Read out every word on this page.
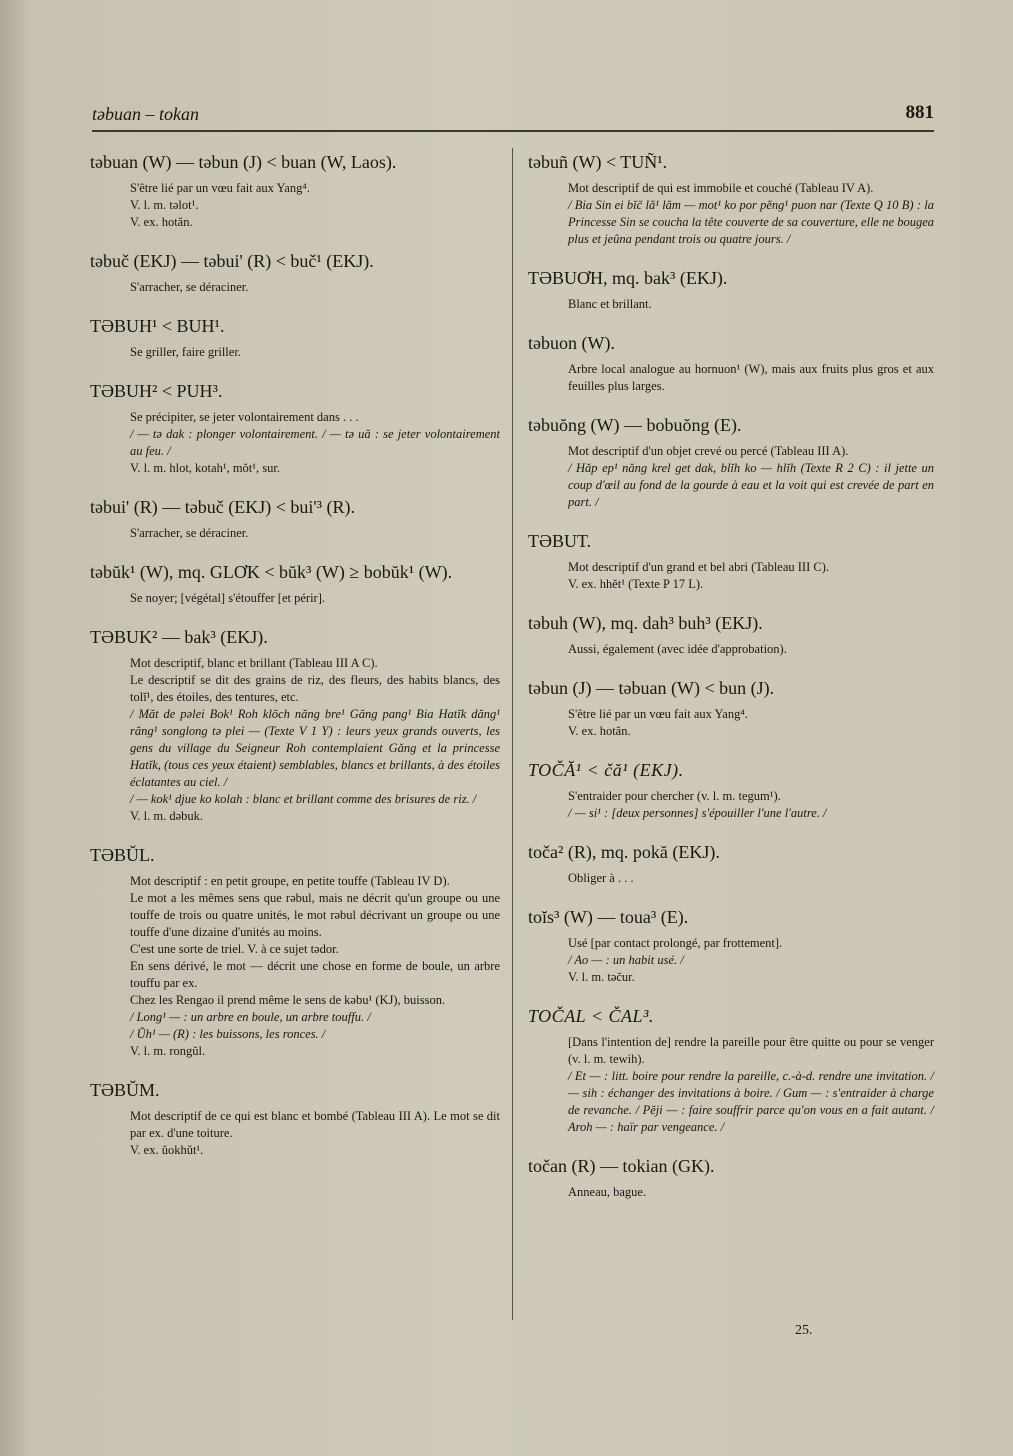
təbuan – tokan	881
təbuan (W) — təbun (J) < buan (W, Laos).

S'être lié par un vœu fait aux Yang⁴.

V. l. m. təlot¹.

V. ex. hotăn.

təbuč (EKJ) — təbui' (R) < buč¹ (EKJ).

S'arracher, se déraciner.

TƏBUH¹ < BUH¹.

Se griller, faire griller.

TƏBUH² < PUH³.

Se précipiter, se jeter volontairement dans . . .

/ — tə dak : plonger volontairement. / — tə uă : se jeter volontairement au feu. /

V. l. m. hlot, kotah¹, mŏt¹, sur.

təbui' (R) — təbuč (EKJ) < bui'³ (R).

S'arracher, se déraciner.

təbŭk¹ (W), mq. GLƠK < bŭk³ (W) ≥ bobŭk¹ (W).

Se noyer; [végétal] s'étouffer [et périr].

TƏBUK² — bak³ (EKJ).

Mot descriptif, blanc et brillant (Tableau III A C).

Le descriptif se dit des grains de riz, des fleurs, des habits blancs, des tolĭ¹, des étoiles, des tentures, etc.

/ Măt de pəlei Bok¹ Roh klŏch năng bre¹ Găng pang¹ Bia Hatĭk dăng¹ răng¹ songlong tə plei — (Texte V 1 Y) : leurs yeux grands ouverts, les gens du village du Seigneur Roh contemplaient Găng et la princesse Hatĭk, (tous ces yeux étaient) semblables, blancs et brillants, à des étoiles éclatantes au ciel. /

/ — kok¹ djue ko kolah : blanc et brillant comme des brisures de riz. /

V. l. m. dəbuk.

TƏBŬL.

Mot descriptif : en petit groupe, en petite touffe (Tableau IV D).

Le mot a les mêmes sens que rəbul, mais ne décrit qu'un groupe ou une touffe de trois ou quatre unités, le mot rəbul décrivant un groupe ou une touffe d'une dizaine d'unités au moins.

C'est une sorte de triel. V. à ce sujet tədor.

En sens dérivé, le mot — décrit une chose en forme de boule, un arbre touffu par ex.

Chez les Rengao il prend même le sens de kəbu¹ (KJ), buisson.

/ Long¹ — : un arbre en boule, un arbre touffu. /

/ Ŭh¹ — (R) : les buissons, les ronces. /

V. l. m. rongŭl.

TƏBŬM.

Mot descriptif de ce qui est blanc et bombé (Tableau III A). Le mot se dit par ex. d'une toiture.

V. ex. ŭokhŭt¹.

təbuñ (W) < TUÑ¹.

Mot descriptif de qui est immobile et couché (Tableau IV A).

/ Bia Sin ei bĭč lă¹ lăm — mot¹ ko por pĕng¹ puon nar (Texte Q 10 B) : la Princesse Sin se coucha la tête couverte de sa couverture, elle ne bougea plus et jeûna pendant trois ou quatre jours. /

TƏBUƠH, mq. bak³ (EKJ).

Blanc et brillant.

təbuon (W).

Arbre local analogue au hornuon¹ (W), mais aux fruits plus gros et aux feuilles plus larges.

təbuŏng (W) — bobuŏng (E).

Mot descriptif d'un objet crevé ou percé (Tableau III A).

/ Hăp ep¹ năng krel get dak, blĭh ko — hlĭh (Texte R 2 C) : il jette un coup d'œil au fond de la gourde à eau et la voit qui est crevée de part en part. /

TƏBUT.

Mot descriptif d'un grand et bel abri (Tableau III C).

V. ex. hhĕt¹ (Texte P 17 L).

təbuh (W), mq. dah³ buh³ (EKJ).

Aussi, également (avec idée d'approbation).

təbun (J) — təbuan (W) < bun (J).

S'être lié par un vœu fait aux Yang⁴.

V. ex. hotăn.

TOČĂ¹ < čă¹ (EKJ).

S'entraider pour chercher (v. l. m. tegum¹).

/ — si¹ : [deux personnes] s'épouiller l'une l'autre. /

toča² (R), mq. pokă (EKJ).

Obliger à . . .

toĭs³ (W) — toua³ (E).

Usé [par contact prolongé, par frottement].

/ Ao — : un habit usé. /

V. l. m. təčur.

TOČAL < ČAL³.

[Dans l'intention de] rendre la pareille pour être quitte ou pour se venger (v. l. m. tewih).

/ Et — : litt. boire pour rendre la pareille, c.-à-d. rendre une invitation. / — sih : échanger des invitations à boire. / Gum — : s'entraider à charge de revanche. / Pĕji — : faire souffrir parce qu'on vous en a fait autant. / Aroh — : haïr par vengeance. /

točan (R) — tokian (GK).

Anneau, bague.

25.
